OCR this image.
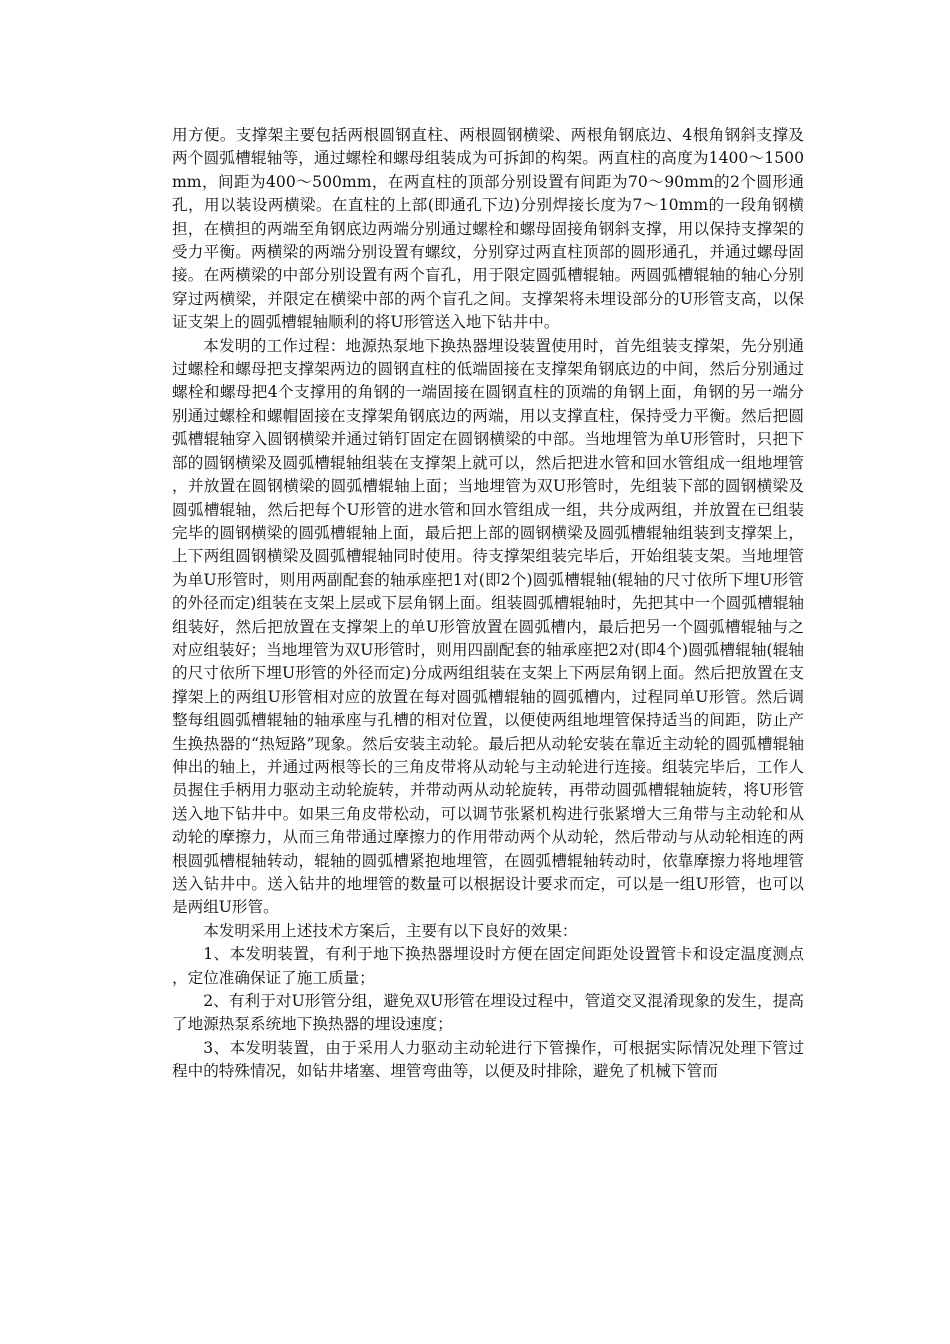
用方便。支撑架主要包括两根圆钢直柱、两根圆钢横梁、两根角钢底边、4根角钢斜支撑及两个圆弧槽辊轴等，通过螺栓和螺母组装成为可拆卸的构架。两直柱的高度为1400～1500mm，间距为400～500mm，在两直柱的顶部分别设置有间距为70～90mm的2个圆形通孔，用以装设两横梁。在直柱的上部(即通孔下边)分别焊接长度为7～10mm的一段角钢横担，在横担的两端至角钢底边两端分别通过螺栓和螺母固接角钢斜支撑，用以保持支撑架的受力平衡。两横梁的两端分别设置有螺纹，分别穿过两直柱顶部的圆形通孔，并通过螺母固接。在两横梁的中部分别设置有两个盲孔，用于限定圆弧槽辊轴。两圆弧槽辊轴的轴心分别穿过两横梁，并限定在横梁中部的两个盲孔之间。支撑架将未埋设部分的U形管支高，以保证支架上的圆弧槽辊轴顺利的将U形管送入地下钻井中。

本发明的工作过程：地源热泵地下换热器埋设装置使用时，首先组装支撑架，先分别通过螺栓和螺母把支撑架两边的圆钢直柱的低端固接在支撑架角钢底边的中间，然后分别通过螺栓和螺母把4个支撑用的角钢的一端固接在圆钢直柱的顶端的角钢上面，角钢的另一端分别通过螺栓和螺帽固接在支撑架角钢底边的两端，用以支撑直柱，保持受力平衡。然后把圆弧槽辊轴穿入圆钢横梁并通过销钉固定在圆钢横梁的中部。当地埋管为单U形管时，只把下部的圆钢横梁及圆弧槽辊轴组装在支撑架上就可以，然后把进水管和回水管组成一组地埋管，并放置在圆钢横梁的圆弧槽辊轴上面；当地埋管为双U形管时，先组装下部的圆钢横梁及圆弧槽辊轴，然后把每个U形管的进水管和回水管组成一组，共分成两组，并放置在已组装完毕的圆钢横梁的圆弧槽辊轴上面，最后把上部的圆钢横梁及圆弧槽辊轴组装到支撑架上，上下两组圆钢横梁及圆弧槽辊轴同时使用。待支撑架组装完毕后，开始组装支架。当地埋管为单U形管时，则用两副配套的轴承座把1对(即2个)圆弧槽辊轴(辊轴的尺寸依所下埋U形管的外径而定)组装在支架上层或下层角钢上面。组装圆弧槽辊轴时，先把其中一个圆弧槽辊轴组装好，然后把放置在支撑架上的单U形管放置在圆弧槽内，最后把另一个圆弧槽辊轴与之对应组装好；当地埋管为双U形管时，则用四副配套的轴承座把2对(即4个)圆弧槽辊轴(辊轴的尺寸依所下埋U形管的外径而定)分成两组组装在支架上下两层角钢上面。然后把放置在支撑架上的两组U形管相对应的放置在每对圆弧槽辊轴的圆弧槽内，过程同单U形管。然后调整每组圆弧槽辊轴的轴承座与孔槽的相对位置，以便使两组地埋管保持适当的间距，防止产生换热器的“热短路”现象。然后安装主动轮。最后把从动轮安装在靠近主动轮的圆弧槽辊轴伸出的轴上，并通过两根等长的三角皮带将从动轮与主动轮进行连接。组装完毕后，工作人员握住手柄用力驱动主动轮旋转，并带动两从动轮旋转，再带动圆弧槽辊轴旋转，将U形管送入地下钻井中。如果三角皮带松动，可以调节张紧机构进行张紧增大三角带与主动轮和从动轮的摩擦力，从而三角带通过摩擦力的作用带动两个从动轮，然后带动与从动轮相连的两根圆弧槽棍轴转动，辊轴的圆弧槽紧抱地埋管，在圆弧槽辊轴转动时，依靠摩擦力将地埋管送入钻井中。送入钻井的地埋管的数量可以根据设计要求而定，可以是一组U形管，也可以是两组U形管。

本发明采用上述技术方案后，主要有以下良好的效果：

1、本发明装置，有利于地下换热器埋设时方便在固定间距处设置管卡和设定温度测点，定位准确保证了施工质量；

2、有利于对U形管分组，避免双U形管在埋设过程中，管道交叉混淆现象的发生，提高了地源热泵系统地下换热器的埋设速度；

3、本发明装置，由于采用人力驱动主动轮进行下管操作，可根据实际情况处理下管过程中的特殊情况，如钻井堵塞、埋管弯曲等，以便及时排除，避免了机械下管而
